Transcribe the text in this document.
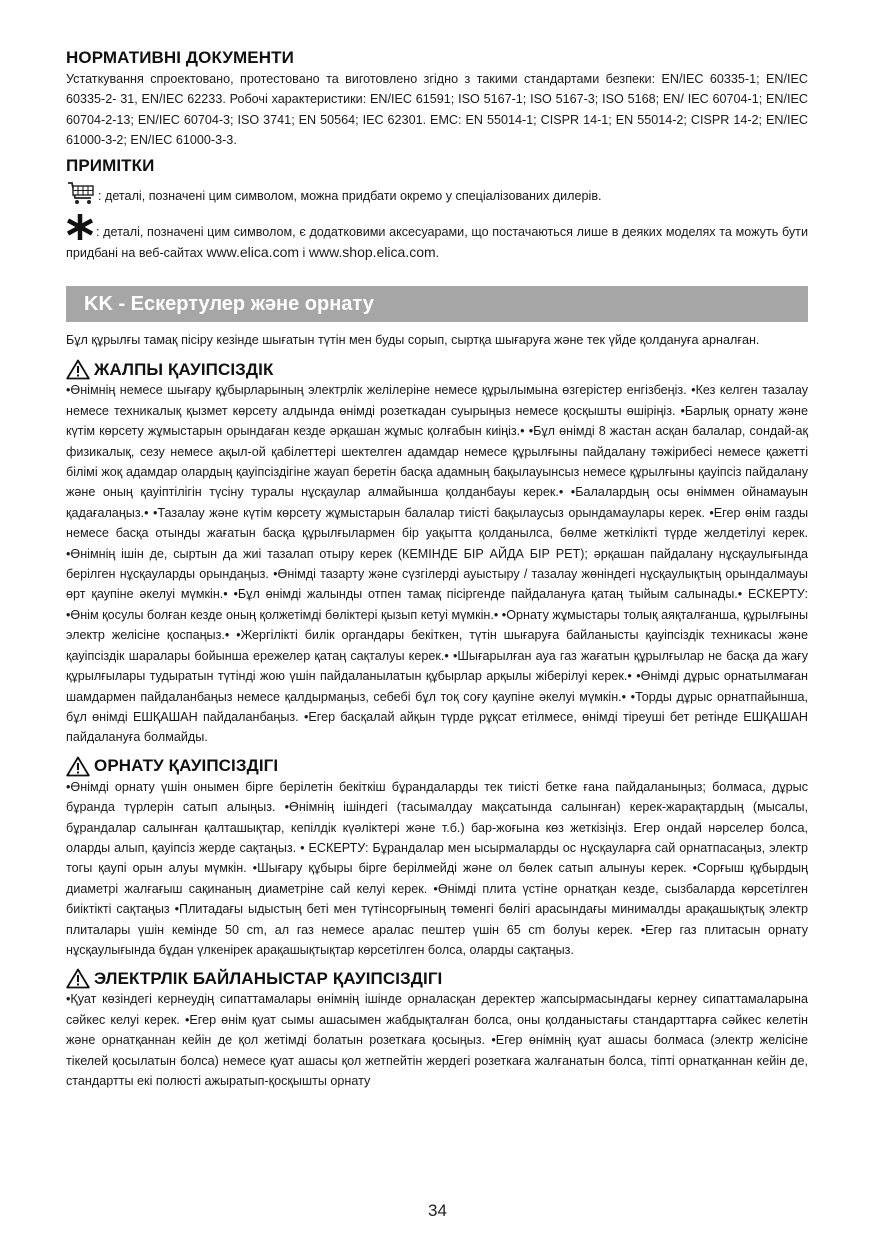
НОРМАТИВНІ ДОКУМЕНТИ

Устаткування спроектовано, протестовано та виготовлено згідно з такими стандартами безпеки: EN/IEC 60335-1; EN/IEC 60335-2- 31, EN/IEC 62233. Робочі характеристики: EN/IEC 61591; ISO 5167-1; ISO 5167-3; ISO 5168; EN/ IEC 60704-1; EN/IEC 60704-2-13; EN/IEC 60704-3; ISO 3741; EN 50564; IEC 62301. EMC: EN 55014-1; CISPR 14-1; EN 55014-2; CISPR 14-2; EN/IEC 61000-3-2; EN/IEC 61000-3-3.

ПРИМІТКИ
: деталі, позначені цим символом, можна придбати окремо у спеціалізованих дилерів.

: деталі, позначені цим символом, є додатковими аксесуарами, що постачаються лише в деяких моделях та можуть бути придбані на веб-сайтах www.elica.com і www.shop.elica.com.

KK - Ескертулер және орнату

Бұл құрылғы тамақ пісіру кезінде шығатын түтін мен буды сорып, сыртқа шығаруға және тек үйде қолдануға арналған.

ЖАЛПЫ ҚАУІПСІЗДІК

•Өнімнің немесе шығару құбырларының электрлік желілеріне немесе құрылымына өзгерістер енгізбеңіз. •Кез келген тазалау немесе техникалық қызмет көрсету алдында өнімді розеткадан суырыңыз немесе қосқышты өшіріңіз. •Барлық орнату және күтім көрсету жұмыстарын орындаған кезде әрқашан жұмыс қолғабын киіңіз.• •Бұл өнімді 8 жастан асқан балалар, сондай-ақ физикалық, сезу немесе ақыл-ой қабілеттері шектелген адамдар немесе құрылғыны пайдалану тәжірибесі немесе қажетті білімі жоқ адамдар олардың қауіпсіздігіне жауап беретін басқа адамның бақылауынсыз немесе құрылғыны қауіпсіз пайдалану және оның қауіптілігін түсіну туралы нұсқаулар алмайынша қолданбауы керек.• •Балалардың осы өніммен ойнамауын қадағалаңыз.• •Тазалау және күтім көрсету жұмыстарын балалар тиісті бақылаусыз орындамаулары керек. •Егер өнім газды немесе басқа отынды жағатын басқа құрылғылармен бір уақытта қолданылса, бөлме жеткілікті түрде желдетілуі керек. •Өнімнің ішін де, сыртын да жиі тазалап отыру керек (КЕМІНДЕ БІР АЙДА БІР РЕТ); әрқашан пайдалану нұсқаулығында берілген нұсқауларды орындаңыз. •Өнімді тазарту және сүзгілерді ауыстыру / тазалау жөніндегі нұсқаулықтың орындалмауы өрт қаупіне әкелуі мүмкін.• •Бұл өнімді жалынды отпен тамақ пісіргенде пайдалануға қатаң тыйым салынады.• ЕСКЕРТУ: •Өнім қосулы болған кезде оның қолжетімді бөліктері қызып кетуі мүмкін.• •Орнату жұмыстары толық аяқталғанша, құрылғыны электр желісіне қоспаңыз.• •Жергілікті билік органдары бекіткен, түтін шығаруға байланысты қауіпсіздік техникасы және қауіпсіздік шаралары бойынша ережелер қатаң сақталуы керек.• •Шығарылған ауа газ жағатын құрылғылар не басқа да жағу құрылғылары тудыратын түтінді жою үшін пайдаланылатын құбырлар арқылы жіберілуі керек.• •Өнімді дұрыс орнатылмаған шамдармен пайдаланбаңыз немесе қалдырмаңыз, себебі бұл тоқ соғу қаупіне әкелуі мүмкін.• •Торды дұрыс орнатпайынша, бұл өнімді ЕШҚАШАН пайдаланбаңыз. •Егер басқалай айқын түрде рұқсат етілмесе, өнімді тіреуші бет ретінде ЕШҚАШАН пайдалануға болмайды.

ОРНАТУ ҚАУІПСІЗДІГІ

•Өнімді орнату үшін онымен бірге берілетін бекіткіш бұрандаларды тек тиісті бетке ғана пайдаланыңыз; болмаса, дұрыс бұранда түрлерін сатып алыңыз. •Өнімнің ішіндегі (тасымалдау мақсатында салынған) керек-жарақтардың (мысалы, бұрандалар салынған қалташықтар, кепілдік күәліктері және т.б.) бар-жоғына көз жеткізіңіз. Егер ондай нәрселер болса, оларды алып, қауіпсіз жерде сақтаңыз. • ЕСКЕРТУ: Бұрандалар мен ысырмаларды ос нұсқауларға сай орнатпасаңыз, электр тогы қаупі орын алуы мүмкін. •Шығару құбыры бірге берілмейді және ол бөлек сатып алынуы керек. •Сорғыш құбырдың диаметрі жалғағыш сақинаның диаметріне сай келуі керек. •Өнімді плита үстіне орнатқан кезде, сызбаларда көрсетілген биіктікті сақтаңыз •Плитадағы ыдыстың беті мен түтінсорғының төменгі бөлігі арасындағы минималды арақашықтық электр плиталары үшін кемінде 50 cm, ал газ немесе аралас пештер үшін 65 cm болуы керек. •Егер газ плитасын орнату нұсқаулығында бұдан үлкенірек арақашықтықтар көрсетілген болса, оларды сақтаңыз.

ЭЛЕКТРЛІК БАЙЛАНЫСТАР ҚАУІПСІЗДІГІ

•Қуат көзіндегі кернеудің сипаттамалары өнімнің ішінде орналасқан деректер жапсырмасындағы кернеу сипаттамаларына сәйкес келуі керек. •Егер өнім қуат сымы ашасымен жабдықталған болса, оны қолданыстағы стандарттарға сәйкес келетін және орнатқаннан кейін де қол жетімді болатын розеткаға қосыңыз. •Егер өнімнің қуат ашасы болмаса (электр желісіне тікелей қосылатын болса) немесе қуат ашасы қол жетпейтін жердегі розеткаға жалғанатын болса, тіпті орнатқаннан кейін де, стандартты екі полюсті ажыратып-қосқышты орнату

34
